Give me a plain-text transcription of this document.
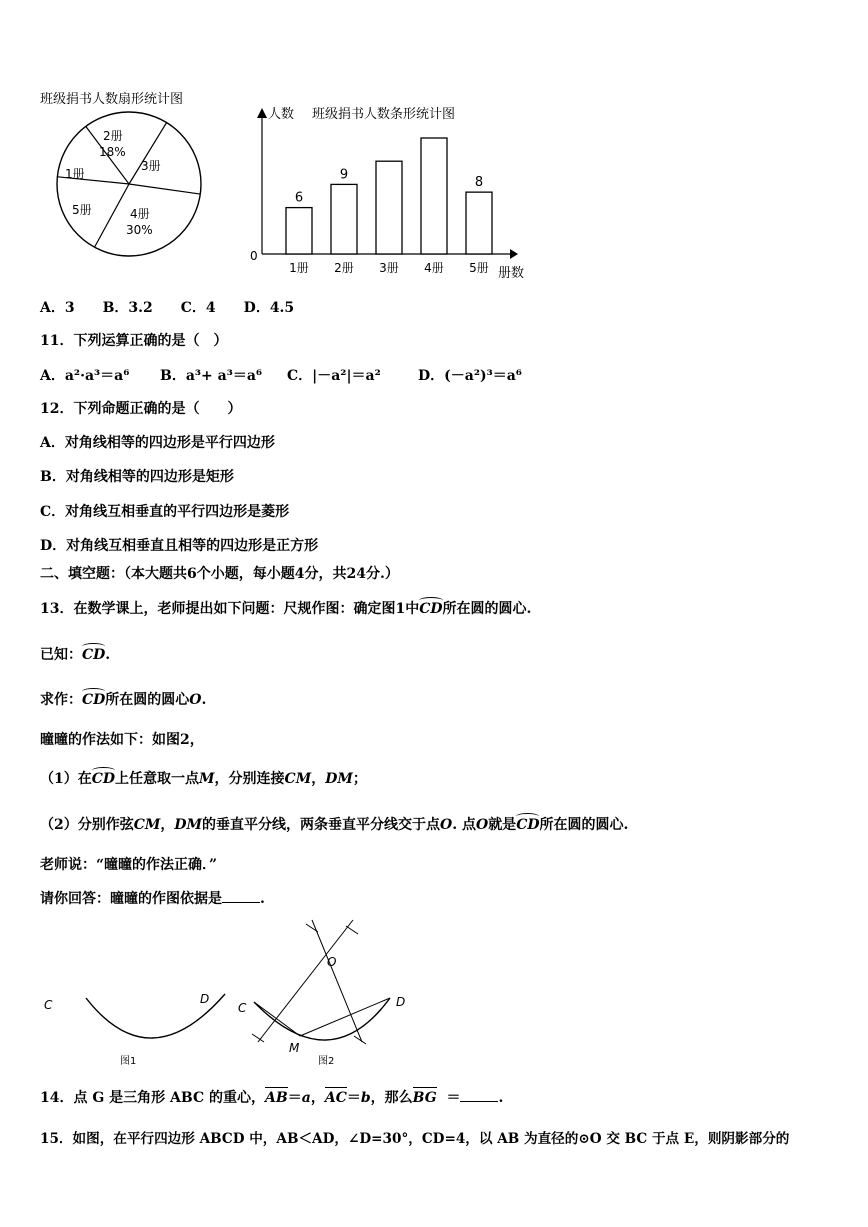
班级捐书人数扇形统计图
2册
18%
3册
4册
30%
5册
1册
人数 班级捐书人数条形统计图
0
册数
6
1册
9
2册 3册 4册
8
5册
A．3　　B．3.2　　C．4　　D．4.5
11．下列运算正确的是（　）
A．a²·a³＝a⁶ B．a³+ a³＝a⁶ C．|－a²|＝a²	D．(－a²)³＝a⁶
12．下列命题正确的是（　　）
A．对角线相等的四边形是平行四边形
B．对角线相等的四边形是矩形
C．对角线互相垂直的平行四边形是菱形
D．对角线互相垂直且相等的四边形是正方形
二、填空题：（本大题共6个小题，每小题4分，共24分.）
13．在数学课上，老师提出如下问题：尺规作图：确定图1中CD所在圆的圆心.
已知：CD.
求作：CD所在圆的圆心O.
曈曈的作法如下：如图2，
（1）在CD上任意取一点M，分别连接CM，DM；
（2）分别作弦CM，DM的垂直平分线，两条垂直平分线交于点O. 点O就是CD所在圆的圆心.
老师说：“曈曈的作法正确．”
请你回答：曈曈的作图依据是	.
C	D
图1
O
C	D
M
图2
14．点 G 是三角形 ABC 的重心，AB＝a，AC＝b，那么BG ＝	.
15．如图，在平行四边形 ABCD 中，AB＜AD，∠D=30°，CD=4，以 AB 为直径的⊙O 交 BC 于点 E，则阴影部分的
